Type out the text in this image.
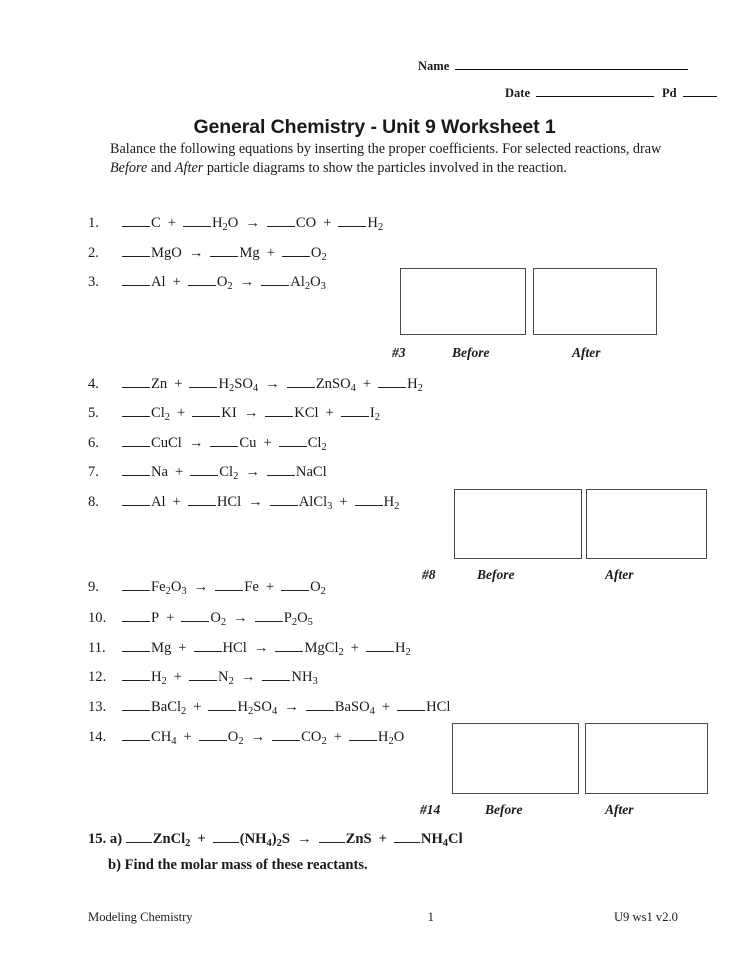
Name
Date	Pd
General Chemistry - Unit 9 Worksheet 1
Balance the following equations by inserting the proper coefficients. For selected reactions, draw Before and After particle diagrams to show the particles involved in the reaction.
1.	$C + H_2O$ → CO + $H_2$
2.	MgO → $Mg + O_2$
3.	$Al + O_2 \to Al_2O_3$
4.	$Zn + H_2SO_4$ → ZnSO$_4$ + $H_2$
5.	$Cl_2$ + KI → KCl + $I_2$
6.	CuCl → $Cu + Cl_2$
7.	$Na + Cl_2$ → NaCl
8.	Al + HCl → AlCl$_3$ + $H_2$
9.	$Fe_2O_3 \to Fe + O_2$
10.	$P + O_2 \to P_2O_5$
11.	Mg + HCl → MgCl$_2$ + $H_2$
12.	$H_2 + N_2 \to NH_3$
13.	BaCl$_2$ + $H_2SO_4$ → BaSO$_4$ + HCl
14.	$CH_4 + O_2 \to CO_2 + H_2O$
15. a) ZnCl$_2$ + $(NH_4)_2S$ → ZnS + $NH_4Cl$
b) Find the molar mass of these reactants.
#3	Before	After
#8	Before	After
#14	Before	After
Modeling Chemistry	1	U9 ws1 v2.0
